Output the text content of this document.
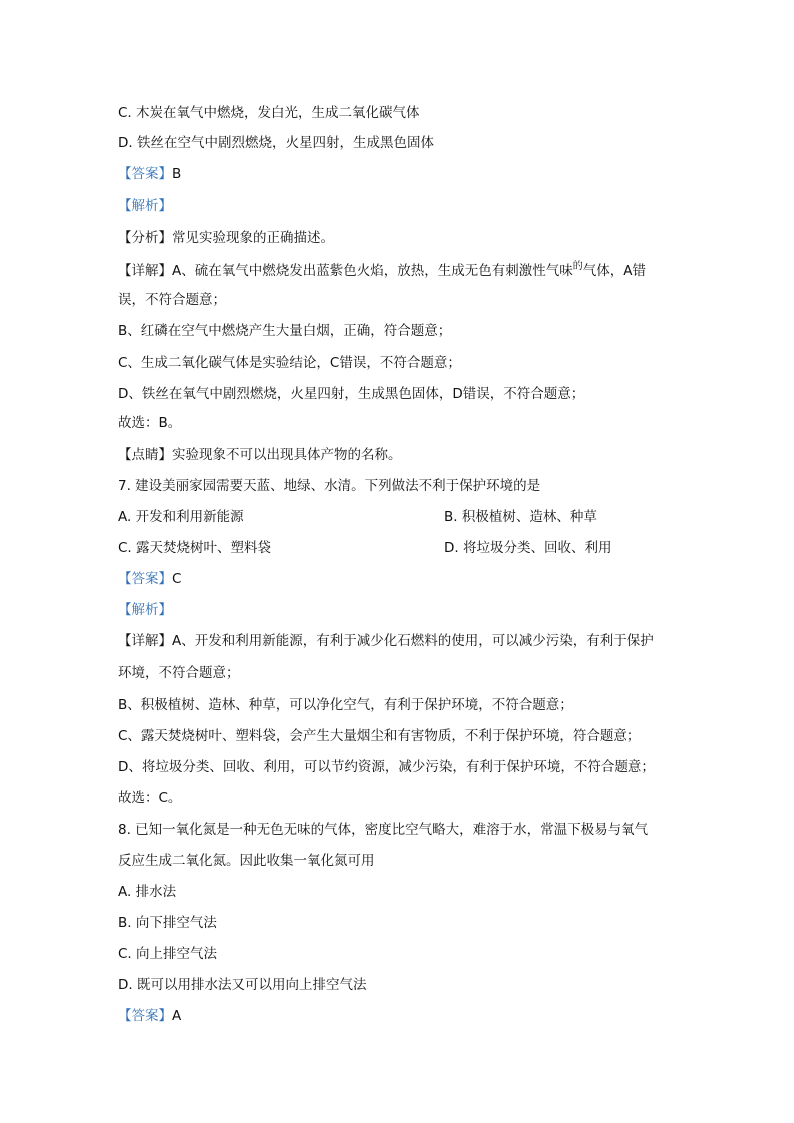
C. 木炭在氧气中燃烧，发白光，生成二氧化碳气体
D. 铁丝在空气中剧烈燃烧，火星四射，生成黑色固体
【答案】B
【解析】
【分析】常见实验现象的正确描述。
【详解】A、硫在氧气中燃烧发出蓝紫色火焰，放热，生成无色有刺激性气味$^的$气体，A错
误，不符合题意；
B、红磷在空气中燃烧产生大量白烟，正确，符合题意；
C、生成二氧化碳气体是实验结论，C错误，不符合题意；
D、铁丝在氧气中剧烈燃烧，火星四射，生成黑色固体，D错误，不符合题意；
故选：B。
【点睛】实验现象不可以出现具体产物的名称。
7. 建设美丽家园需要天蓝、地绿、水清。下列做法不利于保护环境的是
A. 开发和利用新能源	B. 积极植树、造林、种草
C. 露天焚烧树叶、塑料袋	D. 将垃圾分类、回收、利用
【答案】C
【解析】
【详解】A、开发和利用新能源，有利于减少化石燃料的使用，可以减少污染，有利于保护
环境，不符合题意；
B、积极植树、造林、种草，可以净化空气，有利于保护环境，不符合题意；
C、露天焚烧树叶、塑料袋，会产生大量烟尘和有害物质，不利于保护环境，符合题意；
D、将垃圾分类、回收、利用，可以节约资源，减少污染，有利于保护环境，不符合题意；
故选：C。
8. 已知一氧化氮是一种无色无味的气体，密度比空气略大，难溶于水，常温下极易与氧气
反应生成二氧化氮。因此收集一氧化氮可用
A. 排水法
B. 向下排空气法
C. 向上排空气法
D. 既可以用排水法又可以用向上排空气法
【答案】A
